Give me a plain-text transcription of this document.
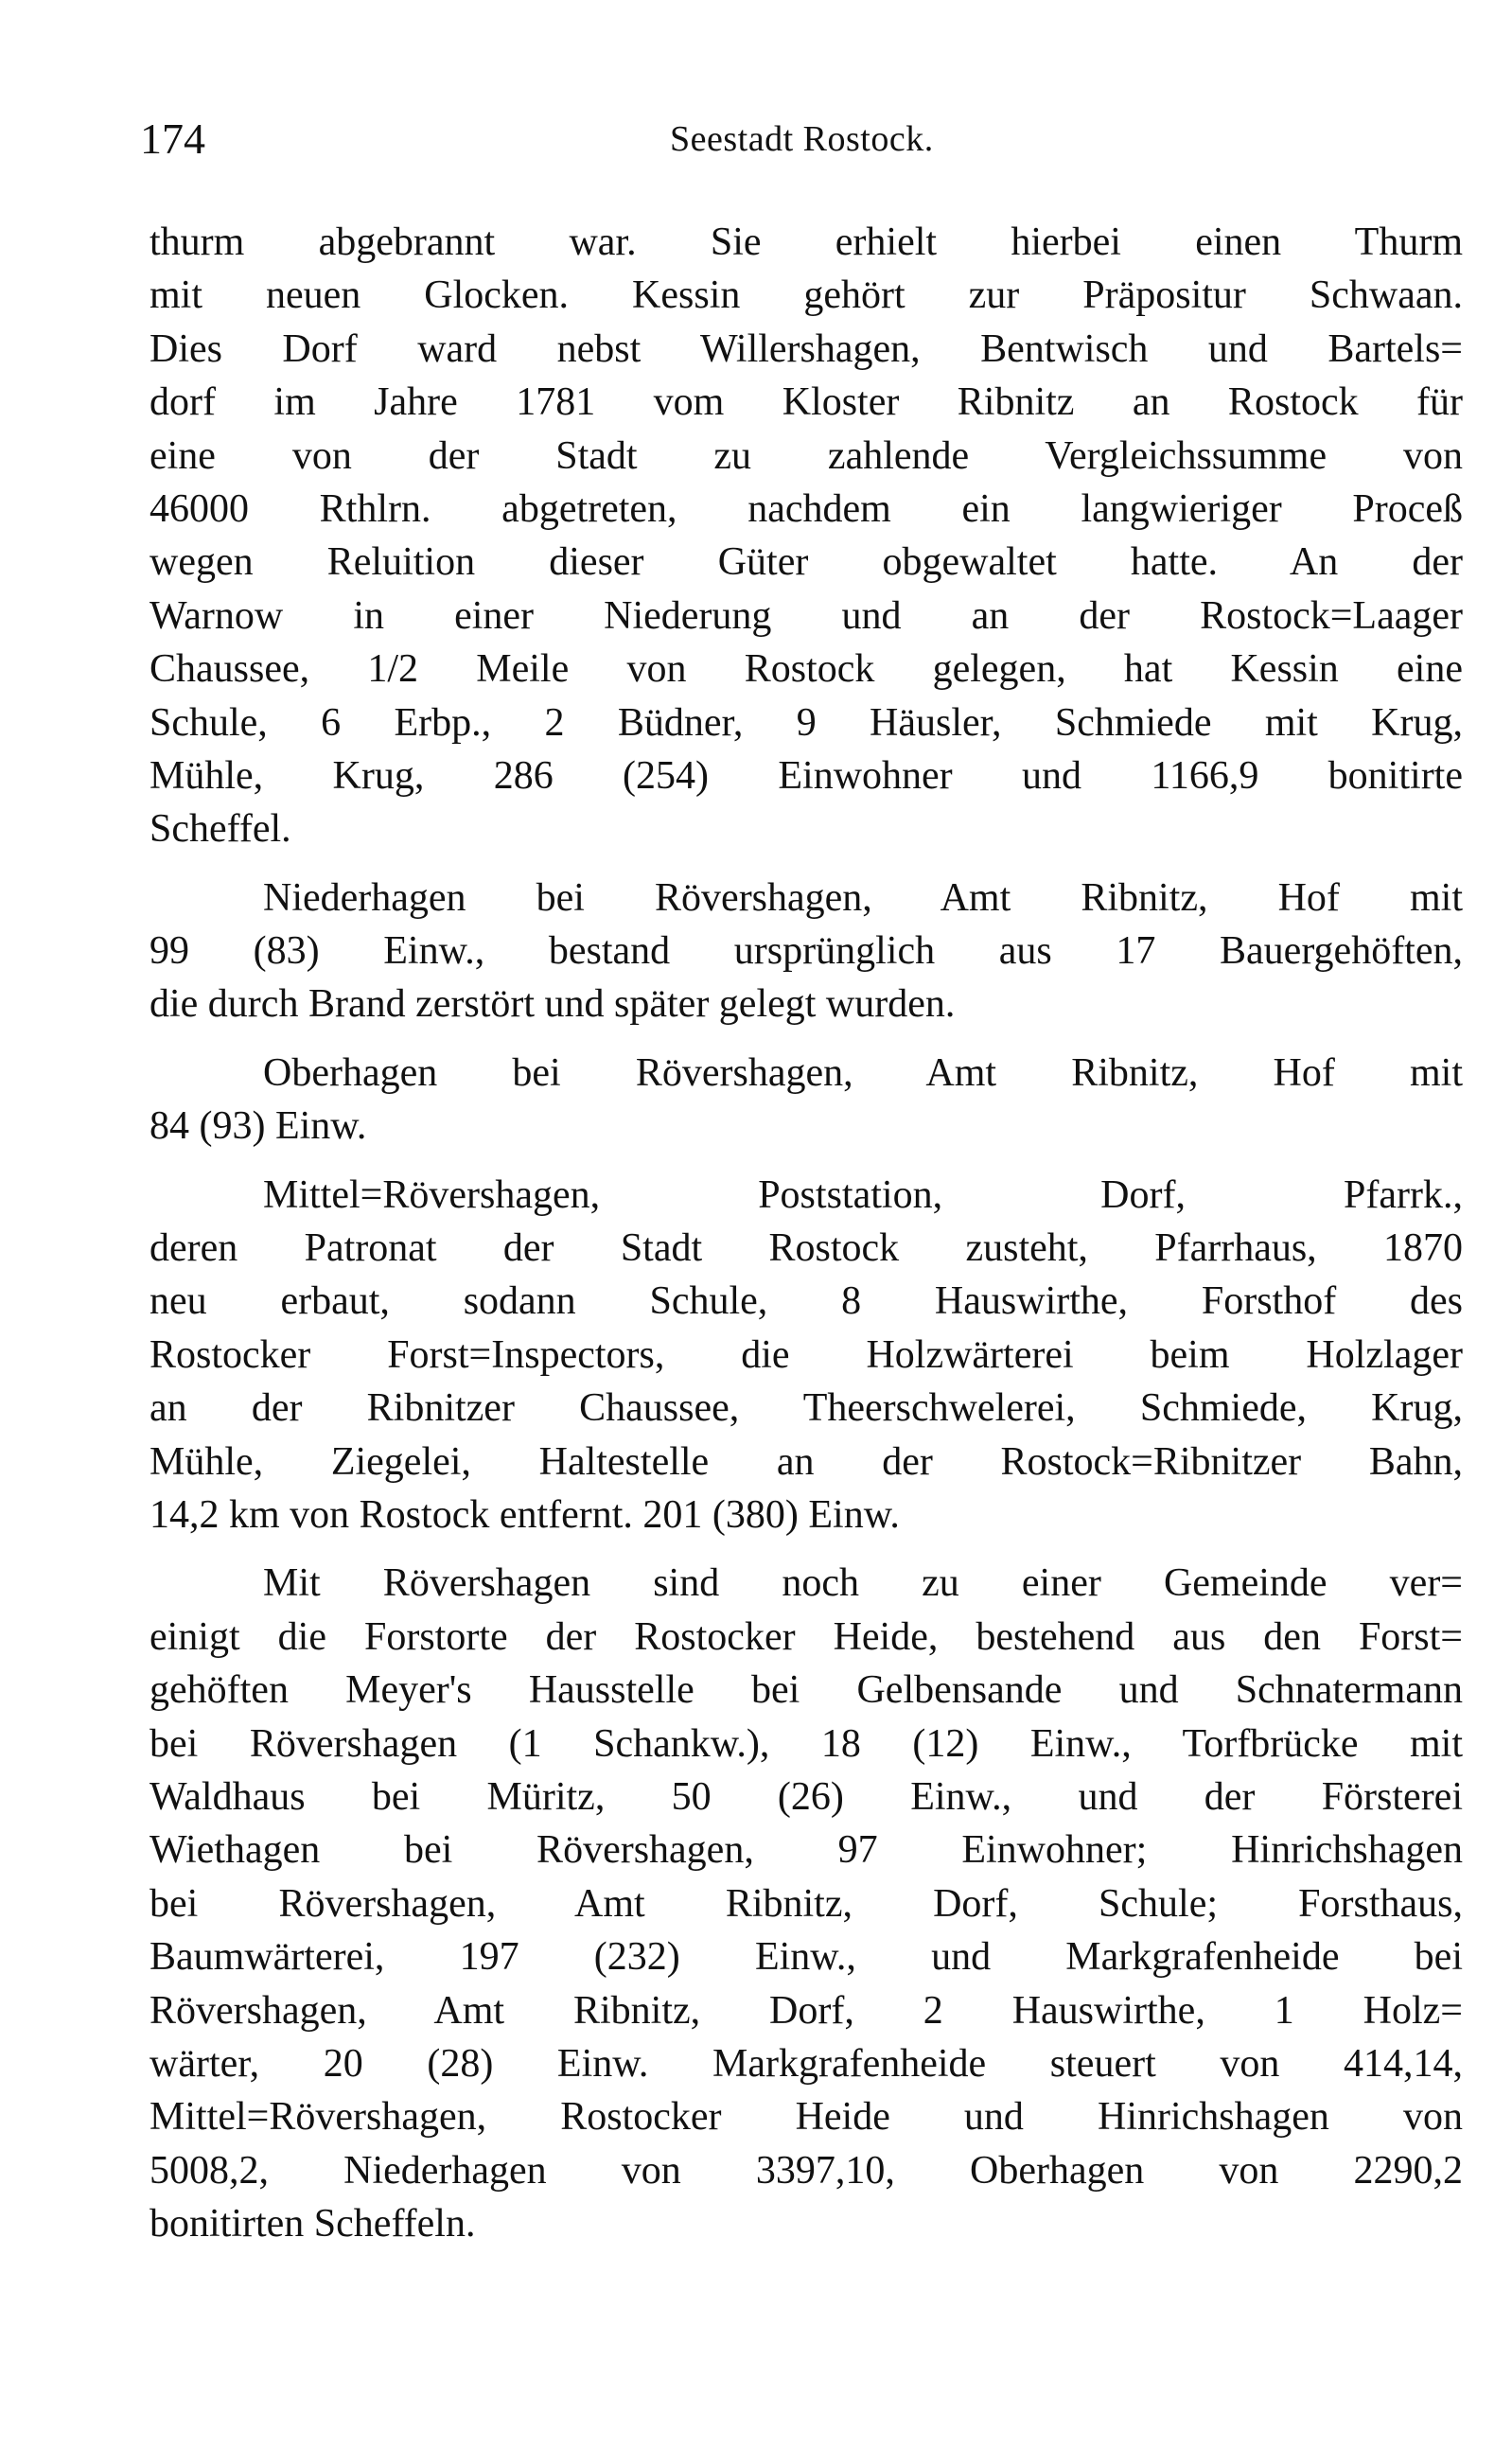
174	Seestadt Rostock.
thurm abgebrannt war. Sie erhielt hierbei einen Thurm
mit neuen Glocken. Kessin gehört zur Präpositur Schwaan.
Dies Dorf ward nebst Willershagen, Bentwisch und Bartels=
dorf im Jahre 1781 vom Kloster Ribnitz an Rostock für
eine von der Stadt zu zahlende Vergleichssumme von
46000 Rthlrn. abgetreten, nachdem ein langwieriger Proceß
wegen Reluition dieser Güter obgewaltet hatte. An der
Warnow in einer Niederung und an der Rostock=Laager
Chaussee, 1/2 Meile von Rostock gelegen, hat Kessin eine
Schule, 6 Erbp., 2 Büdner, 9 Häusler, Schmiede mit Krug,
Mühle, Krug, 286 (254) Einwohner und 1166,9 bonitirte
Scheffel.
Niederhagen bei Rövershagen, Amt Ribnitz, Hof mit
99 (83) Einw., bestand ursprünglich aus 17 Bauergehöften,
die durch Brand zerstört und später gelegt wurden.
Oberhagen bei Rövershagen, Amt Ribnitz, Hof mit
84 (93) Einw.
Mittel=Rövershagen, Poststation, Dorf, Pfarrk.,
deren Patronat der Stadt Rostock zusteht, Pfarrhaus, 1870
neu erbaut, sodann Schule, 8 Hauswirthe, Forsthof des
Rostocker Forst=Inspectors, die Holzwärterei beim Holzlager
an der Ribnitzer Chaussee, Theerschwelerei, Schmiede, Krug,
Mühle, Ziegelei, Haltestelle an der Rostock=Ribnitzer Bahn,
14,2 km von Rostock entfernt. 201 (380) Einw.
Mit Rövershagen sind noch zu einer Gemeinde ver=
einigt die Forstorte der Rostocker Heide, bestehend aus den Forst=
gehöften Meyer's Hausstelle bei Gelbensande und Schnatermann
bei Rövershagen (1 Schankw.), 18 (12) Einw., Torfbrücke mit
Waldhaus bei Müritz, 50 (26) Einw., und der Försterei
Wiethagen bei Rövershagen, 97 Einwohner; Hinrichshagen
bei Rövershagen, Amt Ribnitz, Dorf, Schule; Forsthaus,
Baumwärterei, 197 (232) Einw., und Markgrafenheide bei
Rövershagen, Amt Ribnitz, Dorf, 2 Hauswirthe, 1 Holz=
wärter, 20 (28) Einw. Markgrafenheide steuert von 414,14,
Mittel=Rövershagen, Rostocker Heide und Hinrichshagen von
5008,2, Niederhagen von 3397,10, Oberhagen von 2290,2
bonitirten Scheffeln.
